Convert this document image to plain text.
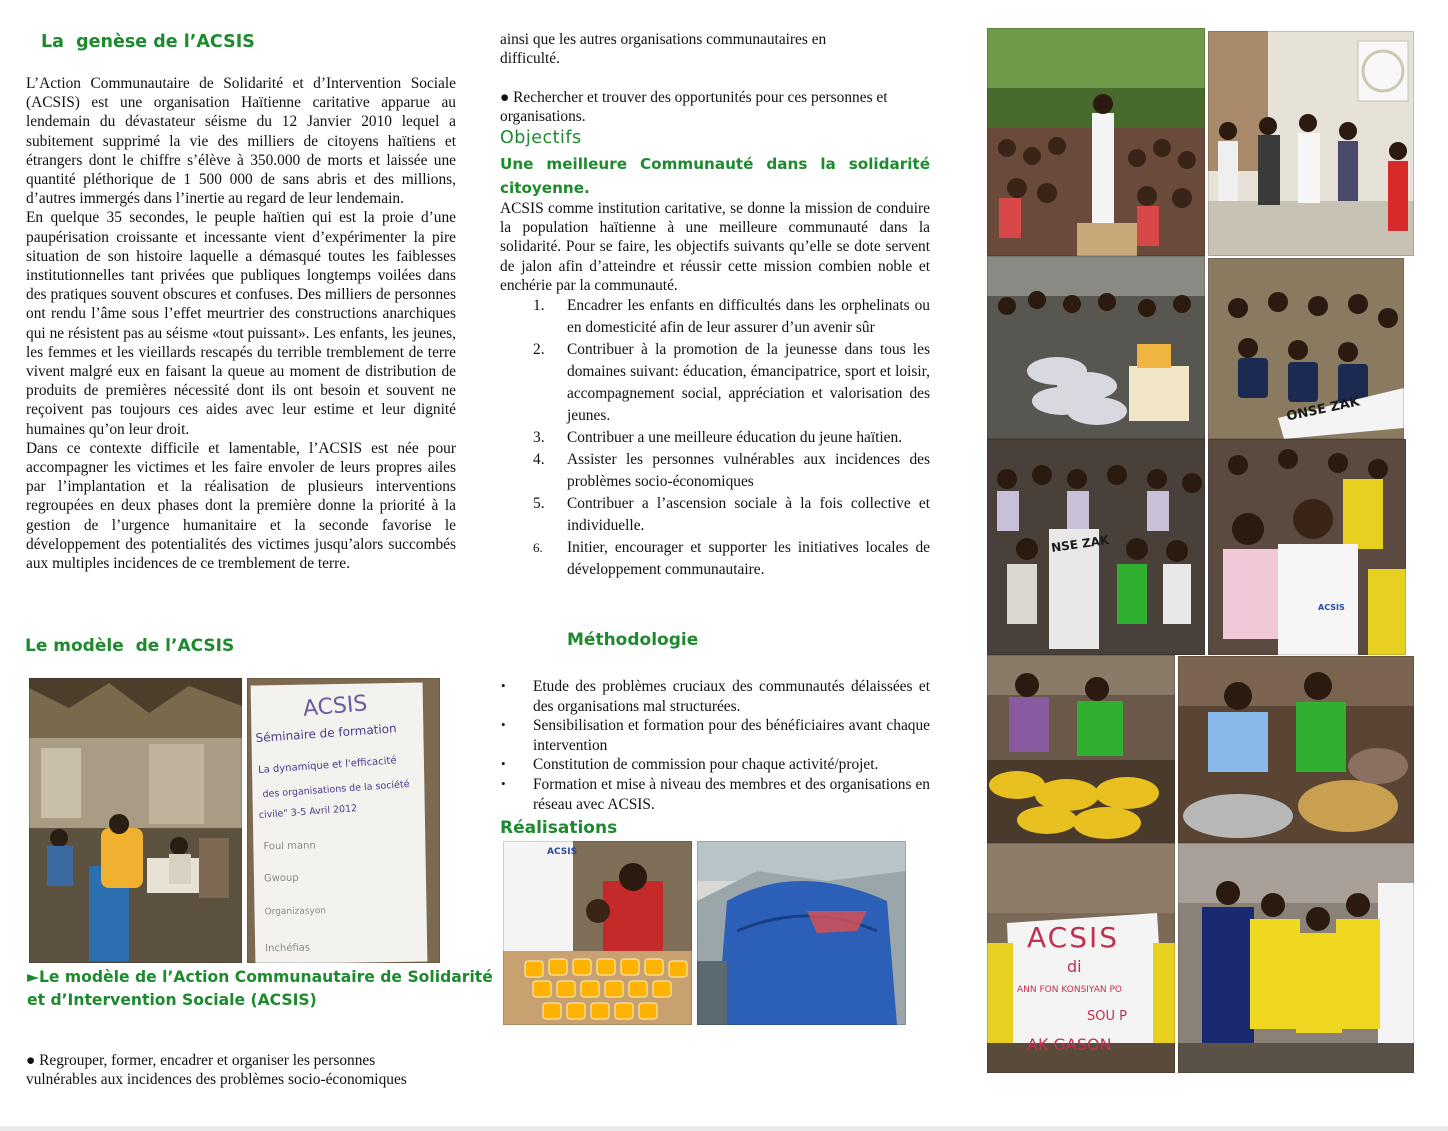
La  genèse de l’ACSIS
L’Action Communautaire de Solidarité et d’Intervention Sociale (ACSIS) est une organisation Haïtienne caritative apparue au lendemain du dévastateur séisme du 12 Janvier 2010 lequel a subitement supprimé la vie des milliers de citoyens haïtiens et étrangers dont le chiffre s’élève à 350.000 de morts et laissée une quantité pléthorique de 1 500 000 de sans abris et des millions, d’autres immergés dans l’inertie au regard de leur lendemain.
En quelque 35 secondes, le peuple haïtien qui est la proie d’une paupérisation croissante et incessante vient d’expérimenter la pire situation de son histoire laquelle a démasqué toutes les faiblesses institutionnelles tant privées que publiques longtemps voilées dans des pratiques souvent obscures et confuses. Des milliers de personnes ont rendu l’âme sous l’effet meurtrier des constructions anarchiques qui ne résistent pas au séisme «tout puissant». Les enfants, les jeunes, les femmes et les vieillards rescapés du terrible tremblement de terre vivent malgré eux en faisant la queue au moment de distribution de produits de premières nécessité dont ils ont besoin et souvent ne reçoivent pas toujours ces aides avec leur estime et leur dignité humaines qu’on leur droit.
Dans ce contexte difficile et lamentable, l’ACSIS est née pour accompagner les victimes et les faire envoler de leurs propres ailes par l’implantation et la réalisation de plusieurs interventions regroupées en deux phases dont la première donne la priorité à la gestion de l’urgence humanitaire et la seconde favorise le développement des potentialités des victimes jusqu’alors succombés aux multiples incidences de ce tremblement de terre.
Le modèle  de l’ACSIS
ACSIS
Séminaire de formation
La dynamique et l'efficacité
des organisations de la société
civile" 3-5 Avril 2012
Foul mann
Gwoup
Organizasyon
Inchéfias
►Le modèle de l’Action Communautaire de Solidarité
et d’Intervention Sociale (ACSIS)
● Regrouper, former, encadrer et organiser les personnes vulnérables aux incidences des problèmes socio-économiques
ainsi que les autres organisations communautaires en difficulté.
● Rechercher et trouver des opportunités pour ces personnes et organisations.
Objectifs
Une meilleure Communauté dans la solidarité citoyenne.
ACSIS comme institution caritative, se donne la mission de conduire la population haïtienne à une meilleure communauté dans la solidarité. Pour se faire, les objectifs suivants qu’elle se dote servent de jalon afin d’atteindre et réussir cette mission combien noble et enchérie par la communauté.
1. Encadrer les enfants en difficultés dans les orphelinats ou en domesticité afin de leur assurer d’un avenir sûr
2. Contribuer à la promotion de la jeunesse dans tous les domaines suivant: éducation, émancipatrice, sport et loisir, accompagnement social, appréciation et valorisation des jeunes.
3. Contribuer a une meilleure éducation du jeune haïtien.
4. Assister les personnes vulnérables aux incidences des problèmes socio-économiques
5. Contribuer a l’ascension sociale à la fois collective et individuelle.
6. Initier, encourager et supporter les initiatives locales de développement communautaire.
Méthodologie
• Etude des problèmes cruciaux des communautés délaissées et des organisations mal structurées.
• Sensibilisation et formation pour des bénéficiaires avant chaque intervention
• Constitution de commission pour chaque activité/projet.
• Formation et mise à niveau des membres et des organisations en réseau avec ACSIS.
Réalisations
ACSIS
ONSE ZAK
NSE ZAK
ACSIS
ACSIS
di
ANN FON KONSIYAN PO
SOU P
AK GASON
